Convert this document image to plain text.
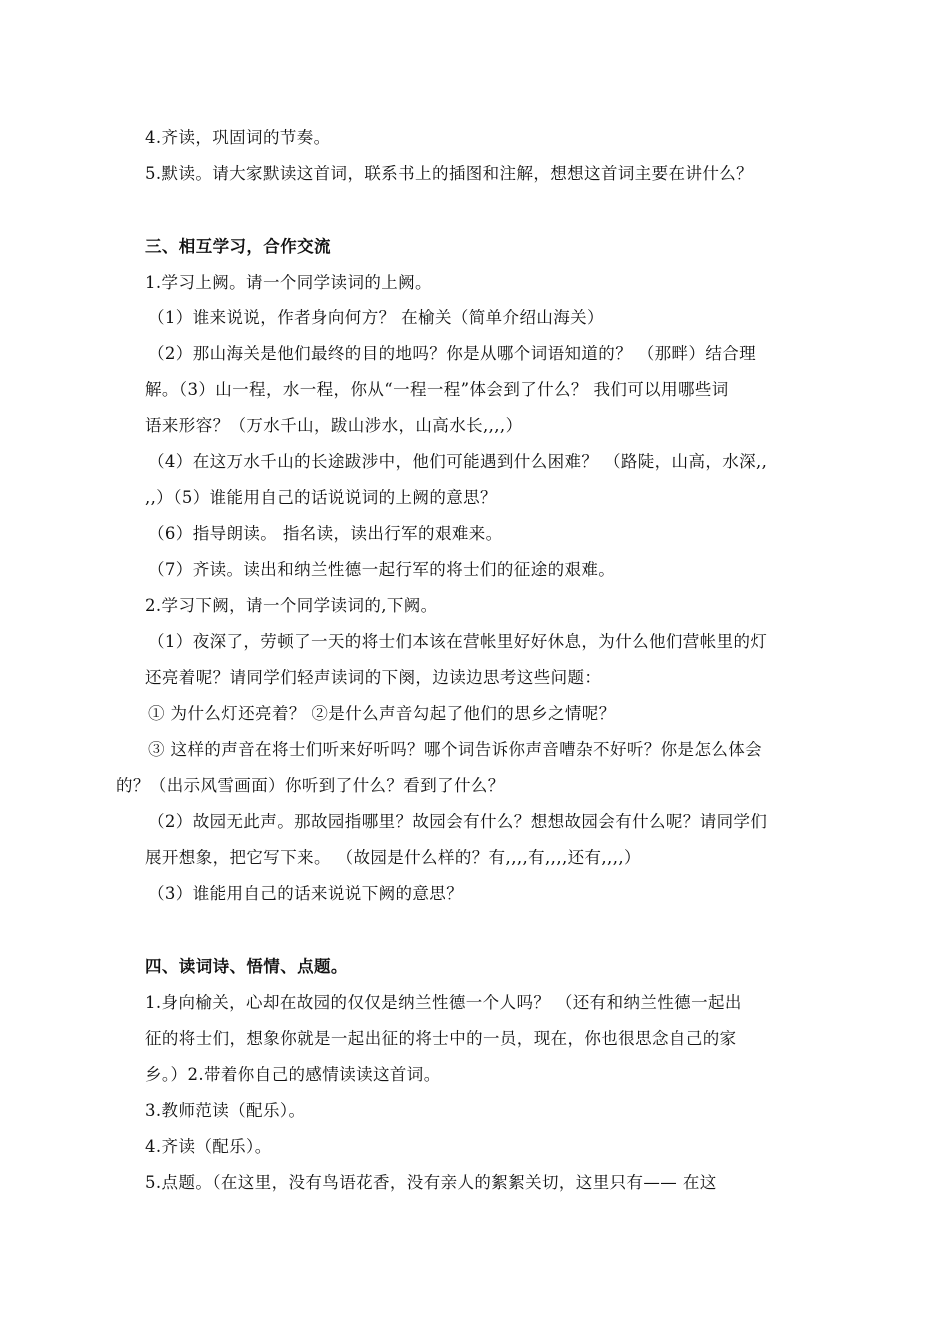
4.齐读，巩固词的节奏。
5.默读。请大家默读这首词，联系书上的插图和注解，想想这首词主要在讲什么？
三、相互学习，合作交流
1.学习上阙。请一个同学读词的上阙。
（1）谁来说说，作者身向何方？ 在榆关（简单介绍山海关）
（2）那山海关是他们最终的目的地吗？你是从哪个词语知道的？ （那畔）结合理
解。（3）山一程，水一程，你从“一程一程”体会到了什么？ 我们可以用哪些词
语来形容？（万水千山，跋山涉水，山高水长,,,,）
（4）在这万水千山的长途跋涉中，他们可能遇到什么困难？ （路陡，山高，水深,,
,,）（5）谁能用自己的话说说词的上阙的意思？
（6）指导朗读。 指名读，读出行军的艰难来。
（7）齐读。读出和纳兰性德一起行军的将士们的征途的艰难。
2.学习下阙，请一个同学读词的,下阙。
（1）夜深了，劳顿了一天的将士们本该在营帐里好好休息，为什么他们营帐里的灯
还亮着呢？请同学们轻声读词的下阕，边读边思考这些问题：
① 为什么灯还亮着？ ②是什么声音勾起了他们的思乡之情呢？
③ 这样的声音在将士们听来好听吗？哪个词告诉你声音嘈杂不好听？你是怎么体会
的？（出示风雪画面）你听到了什么？看到了什么？
（2）故园无此声。那故园指哪里？故园会有什么？想想故园会有什么呢？请同学们
展开想象，把它写下来。 （故园是什么样的？有,,,,有,,,,还有,,,,）
（3）谁能用自己的话来说说下阙的意思？
四、读词诗、悟情、点题。
1.身向榆关，心却在故园的仅仅是纳兰性德一个人吗？ （还有和纳兰性德一起出
征的将士们，想象你就是一起出征的将士中的一员，现在，你也很思念自己的家
乡。）2.带着你自己的感情读读这首词。
3.教师范读（配乐）。
4.齐读（配乐）。
5.点题。（在这里，没有鸟语花香，没有亲人的絮絮关切，这里只有—— 在这
